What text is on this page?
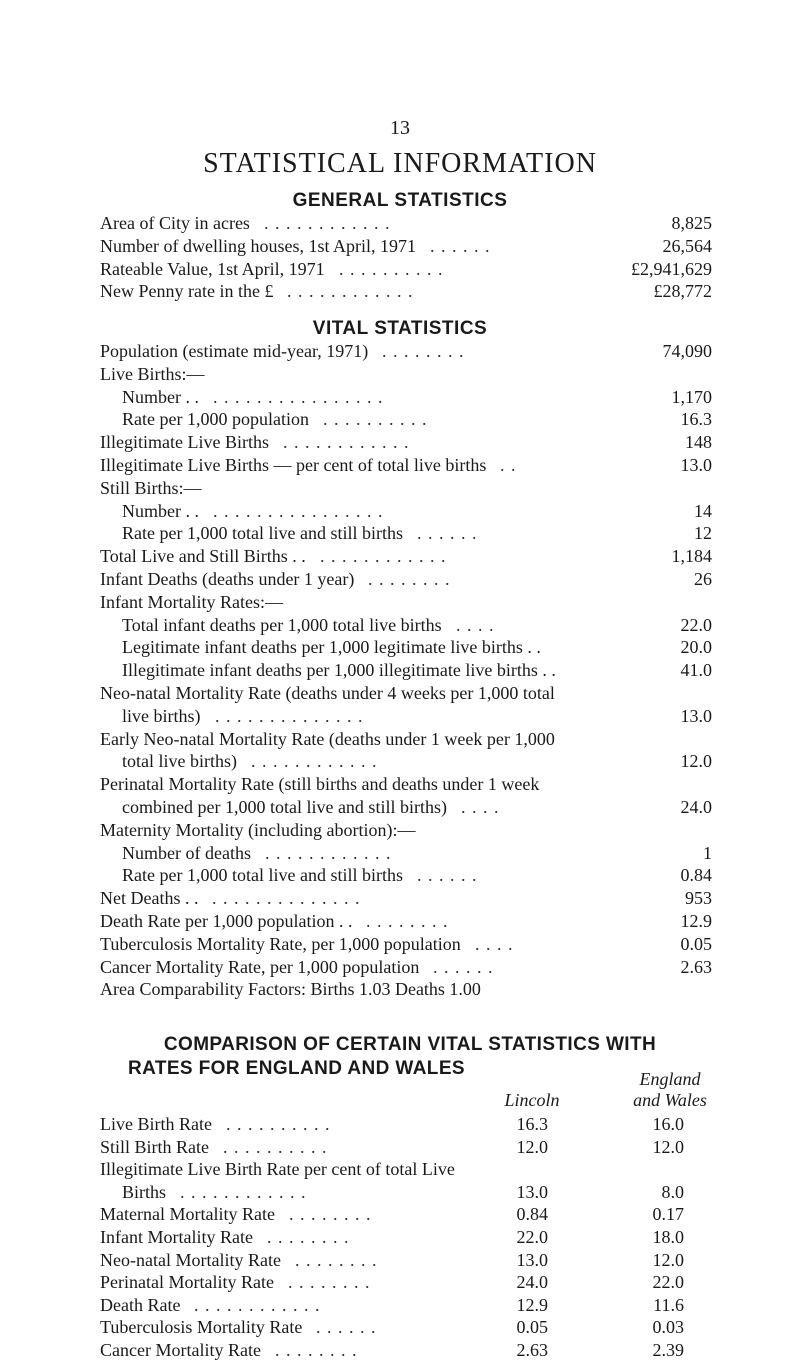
13
STATISTICAL INFORMATION
GENERAL STATISTICS
Area of City in acres . . . . . . . . . . . .	8,825
Number of dwelling houses, 1st April, 1971 . . . . . .	26,564
Rateable Value, 1st April, 1971 . . . . . . . . . .	£2,941,629
New Penny rate in the £ . . . . . . . . . . . .	£28,772
VITAL STATISTICS
Population (estimate mid-year, 1971) . . . . . . . .	74,090
Live Births:—
Number . . . . . . . . . . . . . . . . . .	1,170
Rate per 1,000 population . . . . . . . . . .	16.3
Illegitimate Live Births . . . . . . . . . . . .	148
Illegitimate Live Births — per cent of total live births . .	13.0
Still Births:—
Number . . . . . . . . . . . . . . . . . .	14
Rate per 1,000 total live and still births . . . . . .	12
Total Live and Still Births . . . . . . . . . . . . . .	1,184
Infant Deaths (deaths under 1 year) . . . . . . . .	26
Infant Mortality Rates:—
Total infant deaths per 1,000 total live births . . . .	22.0
Legitimate infant deaths per 1,000 legitimate live births . .	20.0
Illegitimate infant deaths per 1,000 illegitimate live births . .	41.0
Neo-natal Mortality Rate (deaths under 4 weeks per 1,000 total
live births) . . . . . . . . . . . . . .	13.0
Early Neo-natal Mortality Rate (deaths under 1 week per 1,000
total live births) . . . . . . . . . . . .	12.0
Perinatal Mortality Rate (still births and deaths under 1 week
combined per 1,000 total live and still births) . . . .	24.0
Maternity Mortality (including abortion):—
Number of deaths . . . . . . . . . . . .	1
Rate per 1,000 total live and still births . . . . . .	0.84
Net Deaths . . . . . . . . . . . . . . . .	953
Death Rate per 1,000 population . . . . . . . . . .	12.9
Tuberculosis Mortality Rate, per 1,000 population . . . .	0.05
Cancer Mortality Rate, per 1,000 population . . . . . .	2.63
Area Comparability Factors: Births 1.03 Deaths 1.00
COMPARISON OF CERTAIN VITAL STATISTICS WITH
RATES FOR ENGLAND AND WALES
Lincoln
England
and Wales
Live Birth Rate . . . . . . . . . .	16.3	16.0
Still Birth Rate . . . . . . . . . .	12.0	12.0
Illegitimate Live Birth Rate per cent of total Live
Births . . . . . . . . . . . .	13.0	8.0
Maternal Mortality Rate . . . . . . . .	0.84	0.17
Infant Mortality Rate . . . . . . . .	22.0	18.0
Neo-natal Mortality Rate . . . . . . . .	13.0	12.0
Perinatal Mortality Rate . . . . . . . .	24.0	22.0
Death Rate . . . . . . . . . . . .	12.9	11.6
Tuberculosis Mortality Rate . . . . . .	0.05	0.03
Cancer Mortality Rate . . . . . . . .	2.63	2.39
